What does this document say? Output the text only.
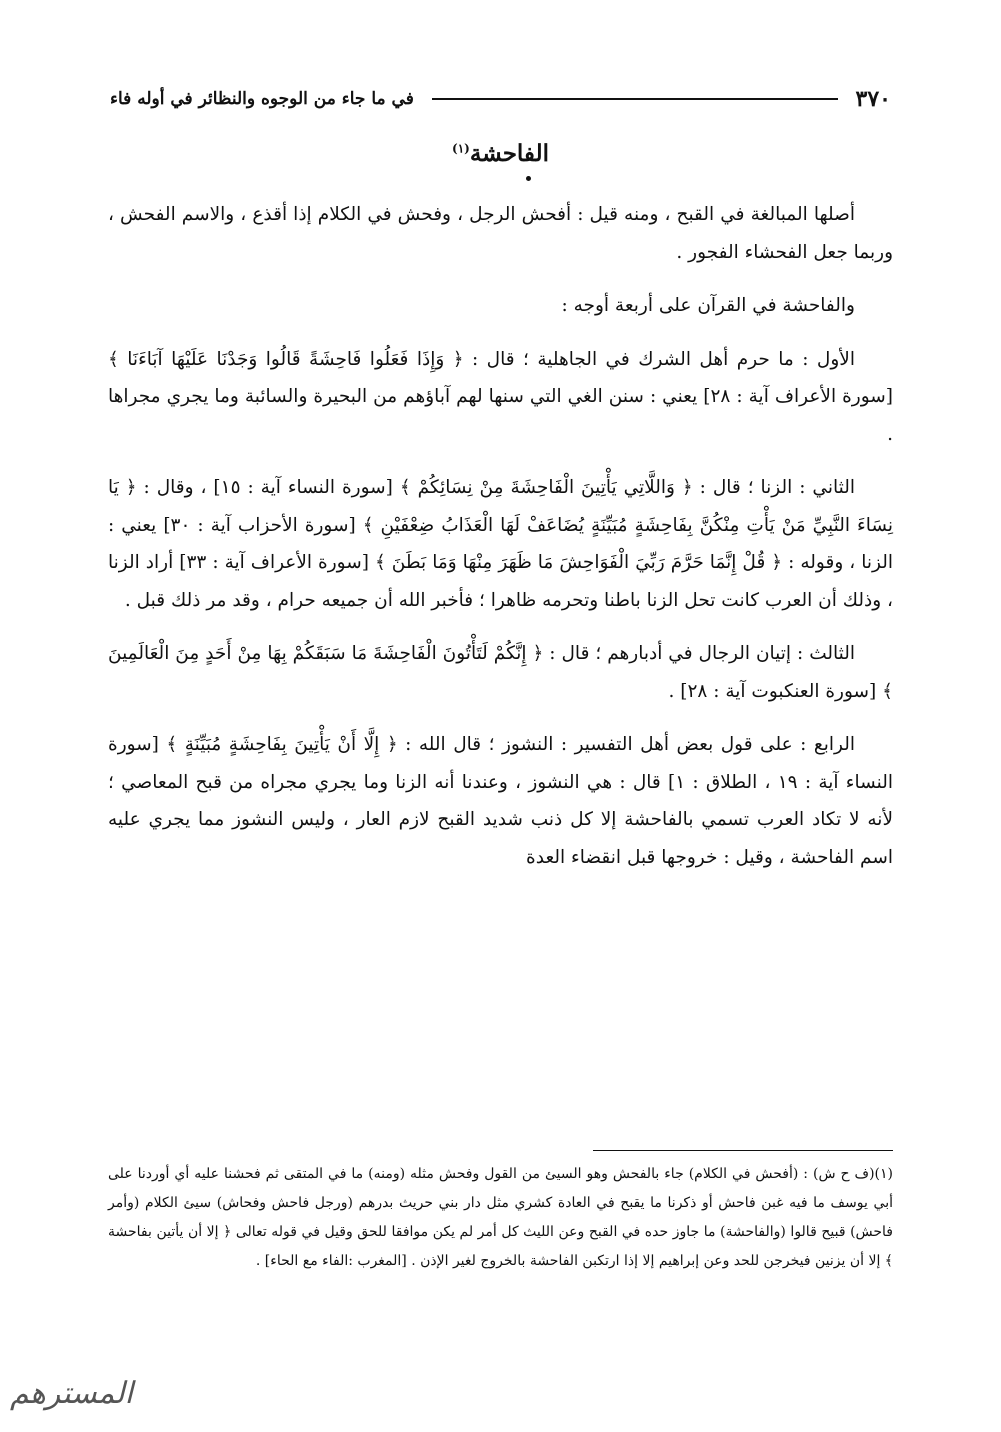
٣٧٠
في ما جاء من الوجوه والنظائر في أوله فاء
الفاحشة$^{(١)}$

أصلها المبالغة في القبح ، ومنه قيل : أفحش الرجل ، وفحش في الكلام إذا أقذع ، والاسم الفحش ، وربما جعل الفحشاء الفجور .

والفاحشة في القرآن على أربعة أوجه :

الأول : ما حرم أهل الشرك في الجاهلية ؛ قال : ﴿ وَإِذَا فَعَلُوا فَاحِشَةً قَالُوا وَجَدْنَا عَلَيْهَا آبَاءَنَا ﴾ [سورة الأعراف آية : ٢٨] يعني : سنن الغي التي سنها لهم آباؤهم من البحيرة والسائبة وما يجري مجراها .

الثاني : الزنا ؛ قال : ﴿ وَاللَّاتِي يَأْتِينَ الْفَاحِشَةَ مِنْ نِسَائِكُمْ ﴾ [سورة النساء آية : ١٥] ، وقال : ﴿ يَا نِسَاءَ النَّبِيِّ مَنْ يَأْتِ مِنْكُنَّ بِفَاحِشَةٍ مُبَيِّنَةٍ يُضَاعَفْ لَهَا الْعَذَابُ ضِعْفَيْنِ ﴾ [سورة الأحزاب آية : ٣٠] يعني : الزنا ، وقوله : ﴿ قُلْ إِنَّمَا حَرَّمَ رَبِّيَ الْفَوَاحِشَ مَا ظَهَرَ مِنْهَا وَمَا بَطَنَ ﴾ [سورة الأعراف آية : ٣٣] أراد الزنا ، وذلك أن العرب كانت تحل الزنا باطنا وتحرمه ظاهرا ؛ فأخبر الله أن جميعه حرام ، وقد مر ذلك قبل .

الثالث : إتيان الرجال في أدبارهم ؛ قال : ﴿ إِنَّكُمْ لَتَأْتُونَ الْفَاحِشَةَ مَا سَبَقَكُمْ بِهَا مِنْ أَحَدٍ مِنَ الْعَالَمِينَ ﴾ [سورة العنكبوت آية : ٢٨] .

الرابع : على قول بعض أهل التفسير : النشوز ؛ قال الله : ﴿ إِلَّا أَنْ يَأْتِينَ بِفَاحِشَةٍ مُبَيِّنَةٍ ﴾ [سورة النساء آية : ١٩ ، الطلاق : ١] قال : هي النشوز ، وعندنا أنه الزنا وما يجري مجراه من قبح المعاصي ؛ لأنه لا تكاد العرب تسمي بالفاحشة إلا كل ذنب شديد القبح لازم العار ، وليس النشوز مما يجري عليه اسم الفاحشة ، وقيل : خروجها قبل انقضاء العدة

(١)(ف ح ش) : (أفحش في الكلام) جاء بالفحش وهو السيئ من القول وفحش مثله (ومنه) ما في المتقى ثم فحشنا عليه أي أوردنا على أبي يوسف ما فيه غبن فاحش أو ذكرنا ما يقبح في العادة كشري مثل دار بني حريث بدرهم (ورجل فاحش وفحاش) سيئ الكلام (وأمر فاحش) قبيح قالوا (والفاحشة) ما جاوز حده في القبح وعن الليث كل أمر لم يكن موافقا للحق وقيل في قوله تعالى ﴿ إلا أن يأتين بفاحشة ﴾ إلا أن يزنين فيخرجن للحد وعن إبراهيم إلا إذا ارتكبن الفاحشة بالخروج لغير الإذن . [المغرب :الفاء مع الحاء] .
المسترهم
